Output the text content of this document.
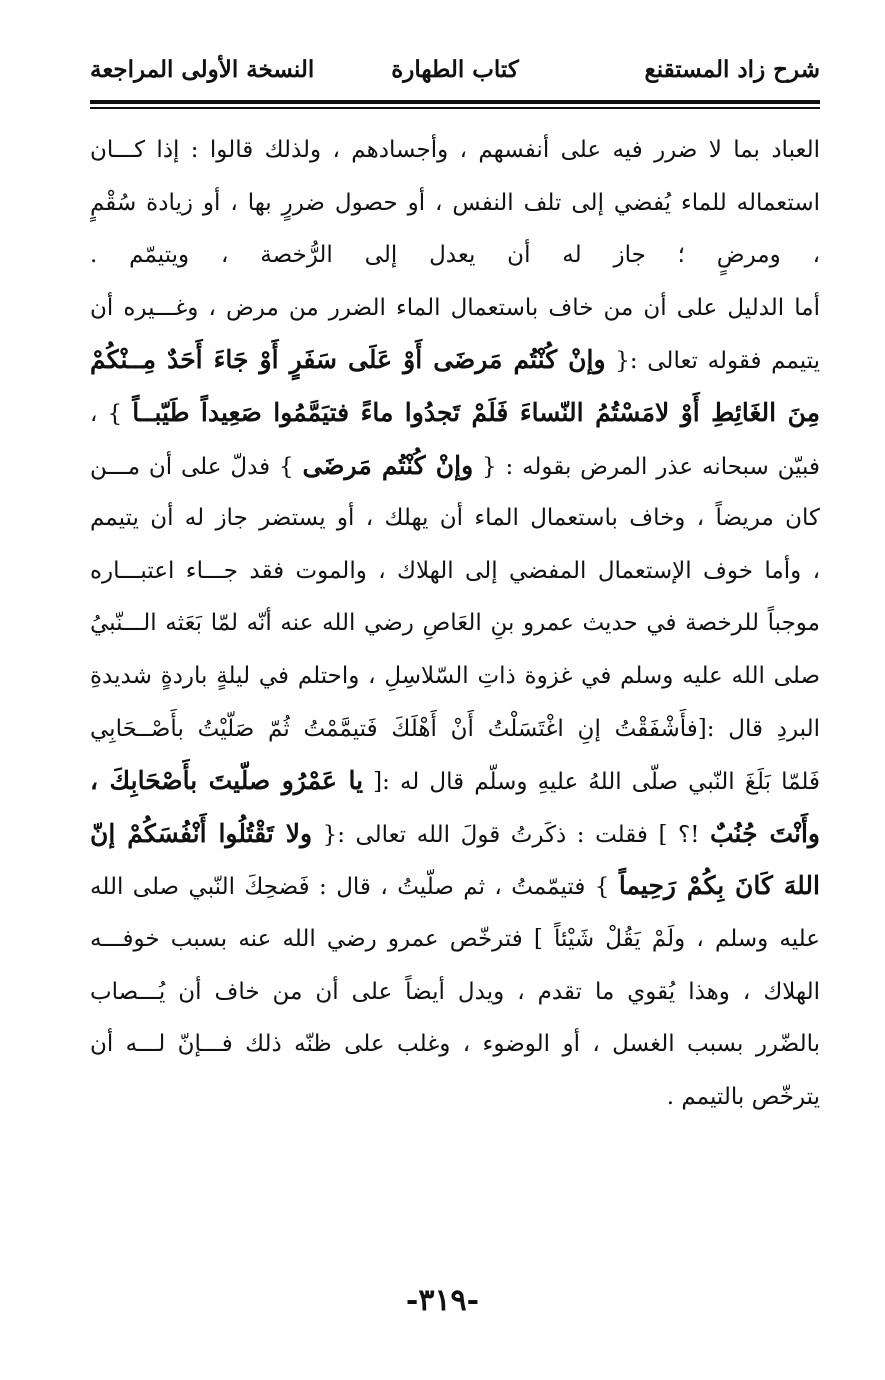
شرح زاد المستقنع
كتاب الطهارة
النسخة الأولى المراجعة
العباد بما لا ضرر فيه على أنفسهم ، وأجسادهم ، ولذلك قالوا : إذا كـــان
استعماله للماء يُفضي إلى تلف النفس ، أو حصول ضررٍ بها ، أو زيادة سُقْمٍ
، ومرضٍ ؛ جاز له أن يعدل إلى الرُّخصة ، ويتيمّم .
أما الدليل على أن من خاف باستعمال الماء الضرر من مرض ، وغـــيره أن
يتيمم فقوله تعالى :{ وإنْ كُنْتُم مَرضَى أَوْ عَلَى سَفَرٍ أَوْ جَاءَ أَحَدٌ مِــنْكُمْ
مِنَ الغَائِطِ أَوْ لامَسْتُمُ النّساءَ فَلَمْ تَجدُوا ماءً فتيَمَّمُوا صَعِيداً طَيّبــاً } ،
فبيّن سبحانه عذر المرض بقوله : { وإنْ كُنْتُم مَرضَى } فدلّ على أن مـــن
كان مريضاً ، وخاف باستعمال الماء أن يهلك ، أو يستضر جاز له أن يتيمم
، وأما خوف الإستعمال المفضي إلى الهلاك ، والموت فقد جـــاء اعتبـــاره
موجباً للرخصة في حديث عمرو بنِ العَاصِ رضي الله عنه أنّه لمّا بَعَثه الـــنّبيُ
صلى الله عليه وسلم في غزوة ذاتِ السّلاسِلِ ، واحتلم في ليلةٍ باردةٍ شديدةِ
البردِ قال :[فأَشْفَقْتُ إنِ اغْتَسَلْتُ أَنْ أَهْلَكَ فَتيمَّمْتُ ثُمّ صَلّيْتُ بأَصْــحَابِي
فَلمّا بَلَغَ النّبي صلّى اللهُ عليهِ وسلّم قال له :[ يا عَمْرُو صلّيتَ بأَصْحَابِكَ ،
وأَنْتَ جُنُبٌ !؟ ] فقلت : ذكَرتُ قولَ الله تعالى :{ ولا تَقْتُلُوا أَنْفُسَكُمْ إنّ
اللهَ كَانَ بِكُمْ رَحِيماً } فتيمّمتُ ، ثم صلّيتُ ، قال : فَضحِكَ النّبي صلى الله
عليه وسلم ، ولَمْ يَقُلْ شَيْئاً ] فترخّص عمرو رضي الله عنه بسبب خوفـــه
الهلاك ، وهذا يُقوي ما تقدم ، ويدل أيضاً على أن من خاف أن يُـــصاب
بالضّرر بسبب الغسل ، أو الوضوء ، وغلب على ظنّه ذلك فـــإنّ لـــه أن
يترخّص بالتيمم .
-٣١٩-
